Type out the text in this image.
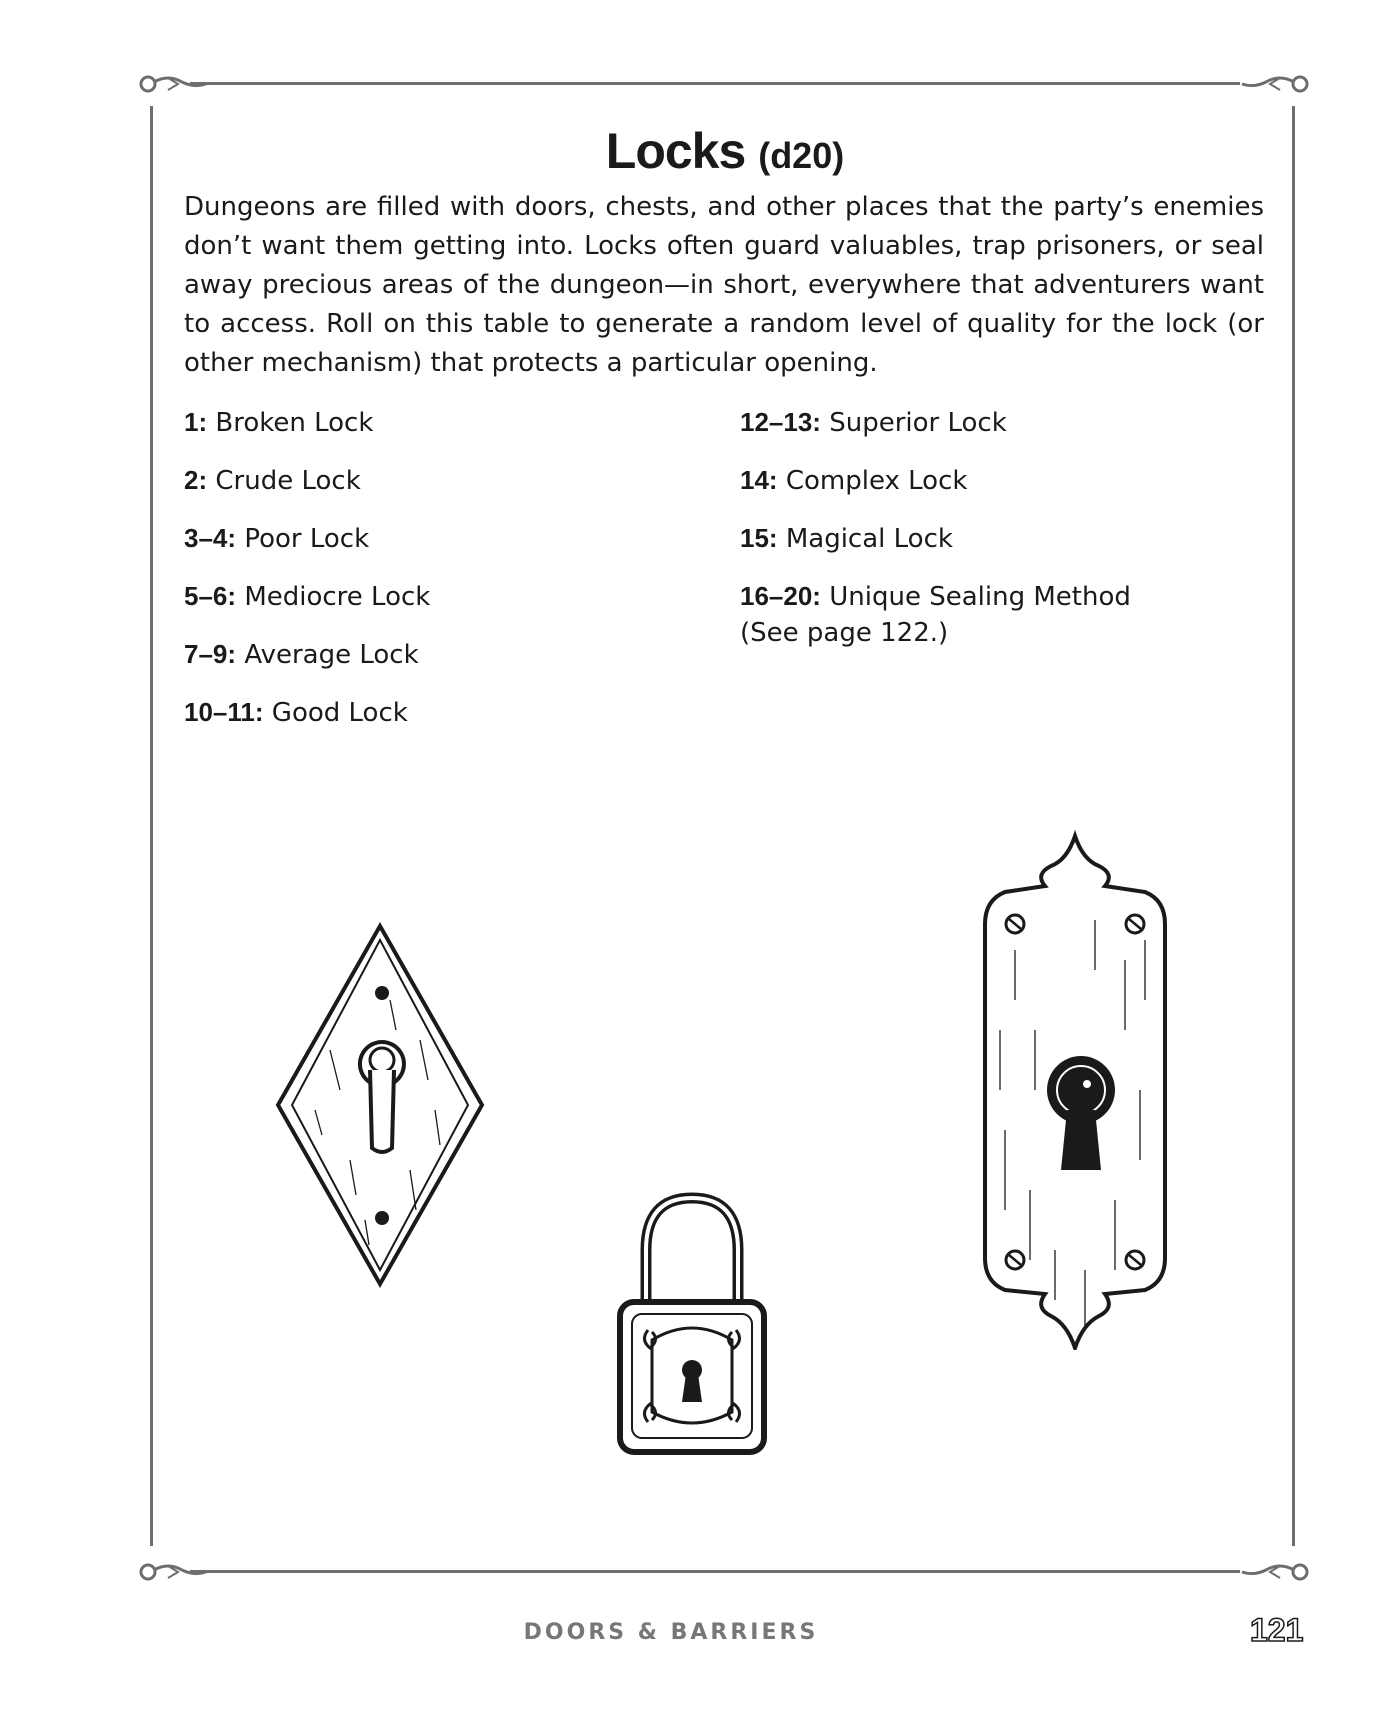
Locks (d20)

Dungeons are filled with doors, chests, and other places that the party’s enemies don’t want them getting into. Locks often guard valuables, trap prisoners, or seal away precious areas of the dungeon—in short, everywhere that adventurers want to access. Roll on this table to generate a random level of quality for the lock (or other mechanism) that protects a particular opening.

1: Broken Lock
2: Crude Lock
3–4: Poor Lock
5–6: Mediocre Lock
7–9: Average Lock
10–11: Good Lock
12–13: Superior Lock
14: Complex Lock
15: Magical Lock
16–20: Unique Sealing Method
(See page 122.)
DOORS & BARRIERS	121
